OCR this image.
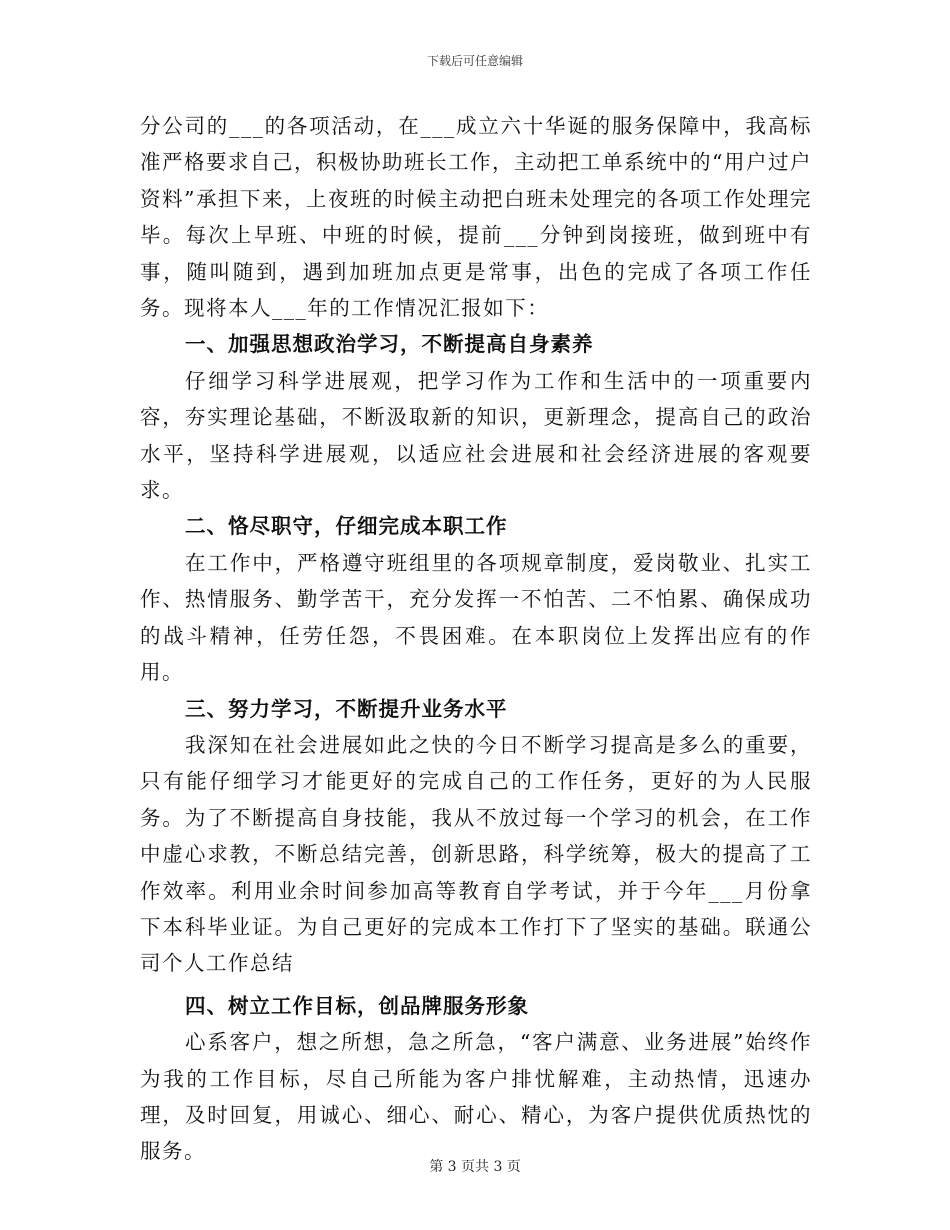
下载后可任意编辑

分公司的___的各项活动，在___成立六十华诞的服务保障中，我高标准严格要求自己，积极协助班长工作，主动把工单系统中的“用户过户资料”承担下来，上夜班的时候主动把白班未处理完的各项工作处理完毕。每次上早班、中班的时候，提前___分钟到岗接班，做到班中有事，随叫随到，遇到加班加点更是常事，出色的完成了各项工作任务。现将本人___年的工作情况汇报如下：

一、加强思想政治学习，不断提高自身素养

仔细学习科学进展观，把学习作为工作和生活中的一项重要内容，夯实理论基础，不断汲取新的知识，更新理念，提高自己的政治水平，坚持科学进展观，以适应社会进展和社会经济进展的客观要求。

二、恪尽职守，仔细完成本职工作

在工作中，严格遵守班组里的各项规章制度，爱岗敬业、扎实工作、热情服务、勤学苦干，充分发挥一不怕苦、二不怕累、确保成功的战斗精神，任劳任怨，不畏困难。在本职岗位上发挥出应有的作用。

三、努力学习，不断提升业务水平

我深知在社会进展如此之快的今日不断学习提高是多么的重要，只有能仔细学习才能更好的完成自己的工作任务，更好的为人民服务。为了不断提高自身技能，我从不放过每一个学习的机会，在工作中虚心求教，不断总结完善，创新思路，科学统筹，极大的提高了工作效率。利用业余时间参加高等教育自学考试，并于今年___月份拿下本科毕业证。为自己更好的完成本工作打下了坚实的基础。联通公司个人工作总结

四、树立工作目标，创品牌服务形象

心系客户，想之所想，急之所急，“客户满意、业务进展”始终作为我的工作目标，尽自己所能为客户排忧解难，主动热情，迅速办理，及时回复，用诚心、细心、耐心、精心，为客户提供优质热忱的服务。

第 3 页共 3 页
